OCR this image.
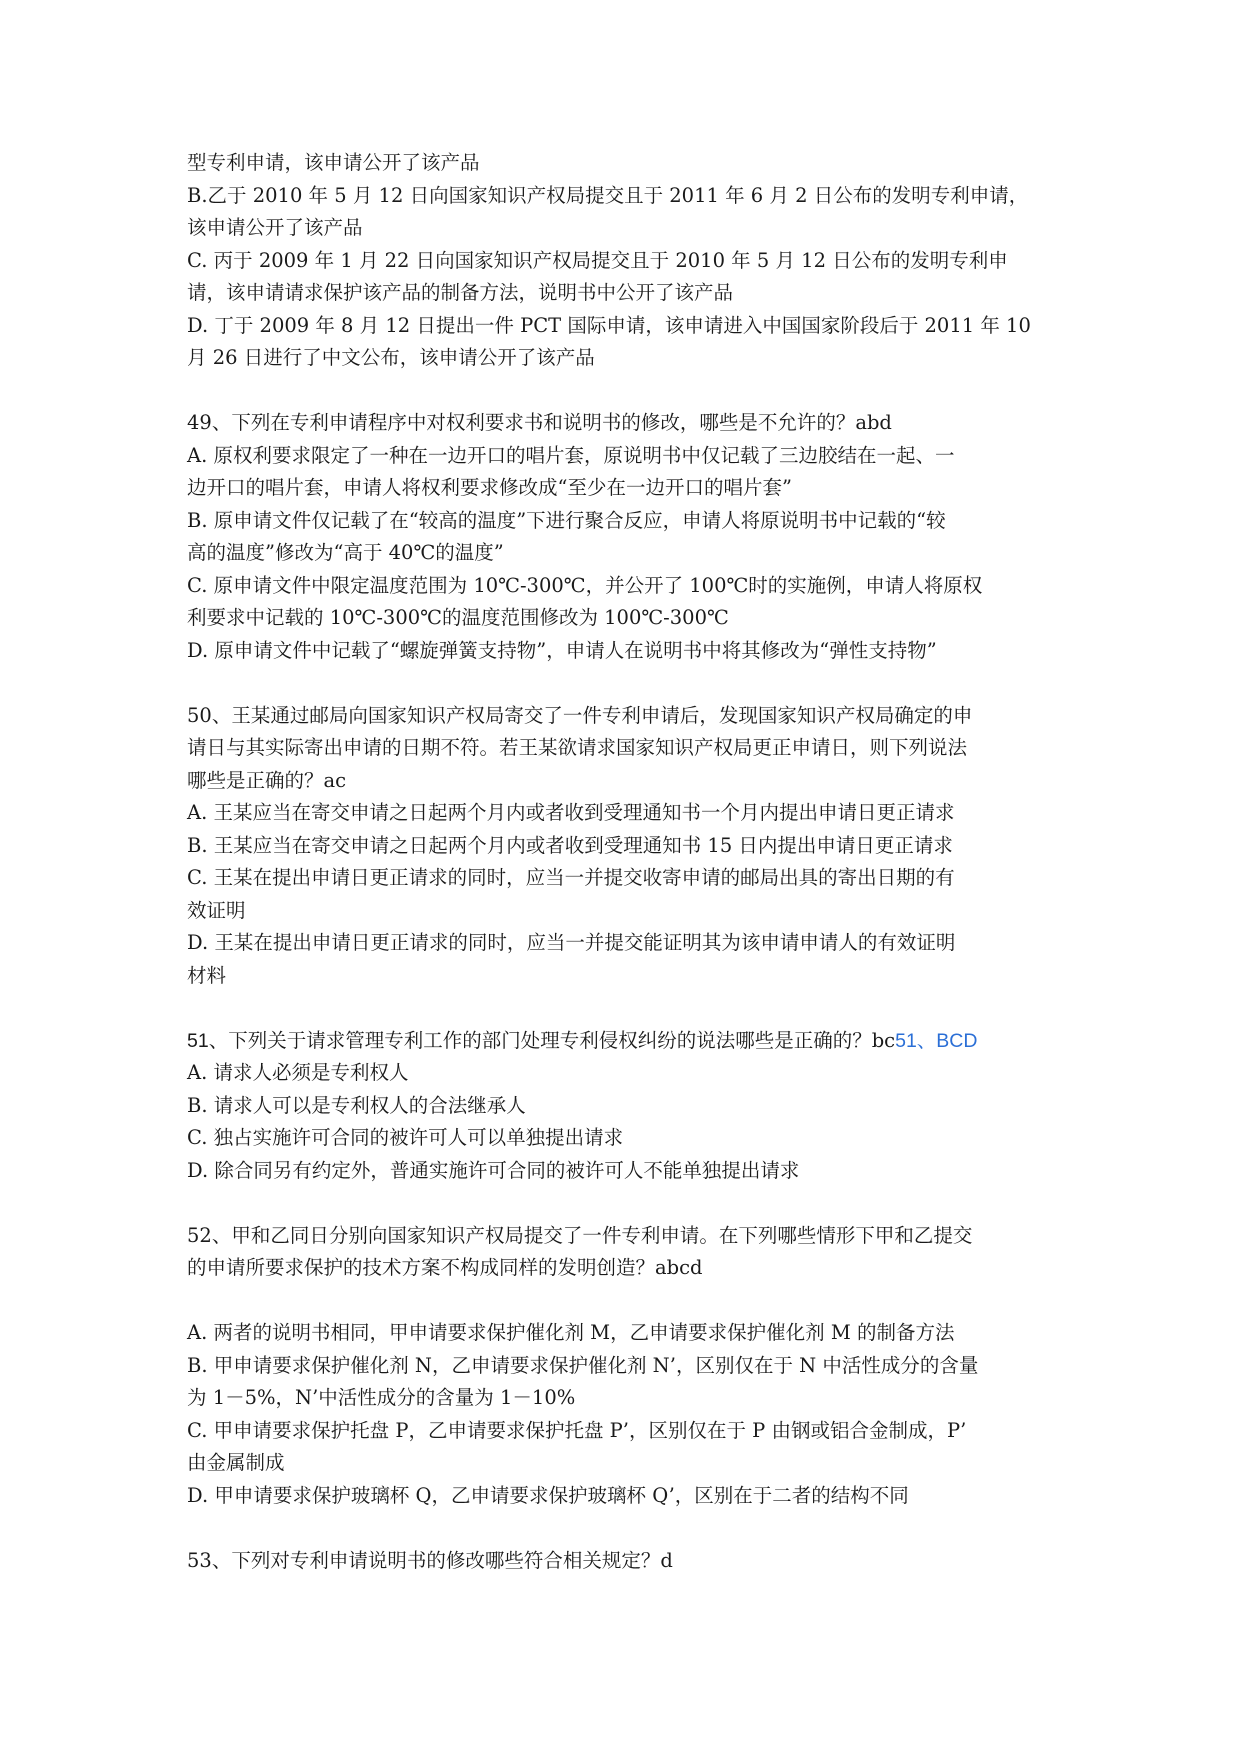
型专利申请，该申请公开了该产品
B.乙于 2010 年 5 月 12 日向国家知识产权局提交且于 2011 年 6 月 2 日公布的发明专利申请，
该申请公开了该产品
C. 丙于 2009 年 1 月 22 日向国家知识产权局提交且于 2010 年 5 月 12 日公布的发明专利申
请，该申请请求保护该产品的制备方法，说明书中公开了该产品
D. 丁于 2009 年 8 月 12 日提出一件 PCT 国际申请，该申请进入中国国家阶段后于 2011 年 10
月 26 日进行了中文公布，该申请公开了该产品
49、下列在专利申请程序中对权利要求书和说明书的修改，哪些是不允许的？abd
A. 原权利要求限定了一种在一边开口的唱片套，原说明书中仅记载了三边胶结在一起、一
边开口的唱片套，申请人将权利要求修改成“至少在一边开口的唱片套”
B. 原申请文件仅记载了在“较高的温度”下进行聚合反应，申请人将原说明书中记载的“较
高的温度”修改为“高于 40℃的温度”
C. 原申请文件中限定温度范围为 10℃-300℃，并公开了 100℃时的实施例，申请人将原权
利要求中记载的 10℃-300℃的温度范围修改为 100℃-300℃
D. 原申请文件中记载了“螺旋弹簧支持物”，申请人在说明书中将其修改为“弹性支持物”
50、王某通过邮局向国家知识产权局寄交了一件专利申请后，发现国家知识产权局确定的申
请日与其实际寄出申请的日期不符。若王某欲请求国家知识产权局更正申请日，则下列说法
哪些是正确的？ac
A. 王某应当在寄交申请之日起两个月内或者收到受理通知书一个月内提出申请日更正请求
B. 王某应当在寄交申请之日起两个月内或者收到受理通知书 15 日内提出申请日更正请求
C. 王某在提出申请日更正请求的同时，应当一并提交收寄申请的邮局出具的寄出日期的有
效证明
D. 王某在提出申请日更正请求的同时，应当一并提交能证明其为该申请申请人的有效证明
材料
51、下列关于请求管理专利工作的部门处理专利侵权纠纷的说法哪些是正确的？bc51、BCD
A. 请求人必须是专利权人
B. 请求人可以是专利权人的合法继承人
C. 独占实施许可合同的被许可人可以单独提出请求
D. 除合同另有约定外，普通实施许可合同的被许可人不能单独提出请求
52、甲和乙同日分别向国家知识产权局提交了一件专利申请。在下列哪些情形下甲和乙提交
的申请所要求保护的技术方案不构成同样的发明创造？abcd
A. 两者的说明书相同，甲申请要求保护催化剂 M，乙申请要求保护催化剂 M 的制备方法
B. 甲申请要求保护催化剂 N，乙申请要求保护催化剂 N’，区别仅在于 N 中活性成分的含量
为 1－5%，N’中活性成分的含量为 1－10%
C. 甲申请要求保护托盘 P，乙申请要求保护托盘 P’，区别仅在于 P 由钢或铝合金制成，P’
由金属制成
D. 甲申请要求保护玻璃杯 Q，乙申请要求保护玻璃杯 Q’，区别在于二者的结构不同
53、下列对专利申请说明书的修改哪些符合相关规定？d
